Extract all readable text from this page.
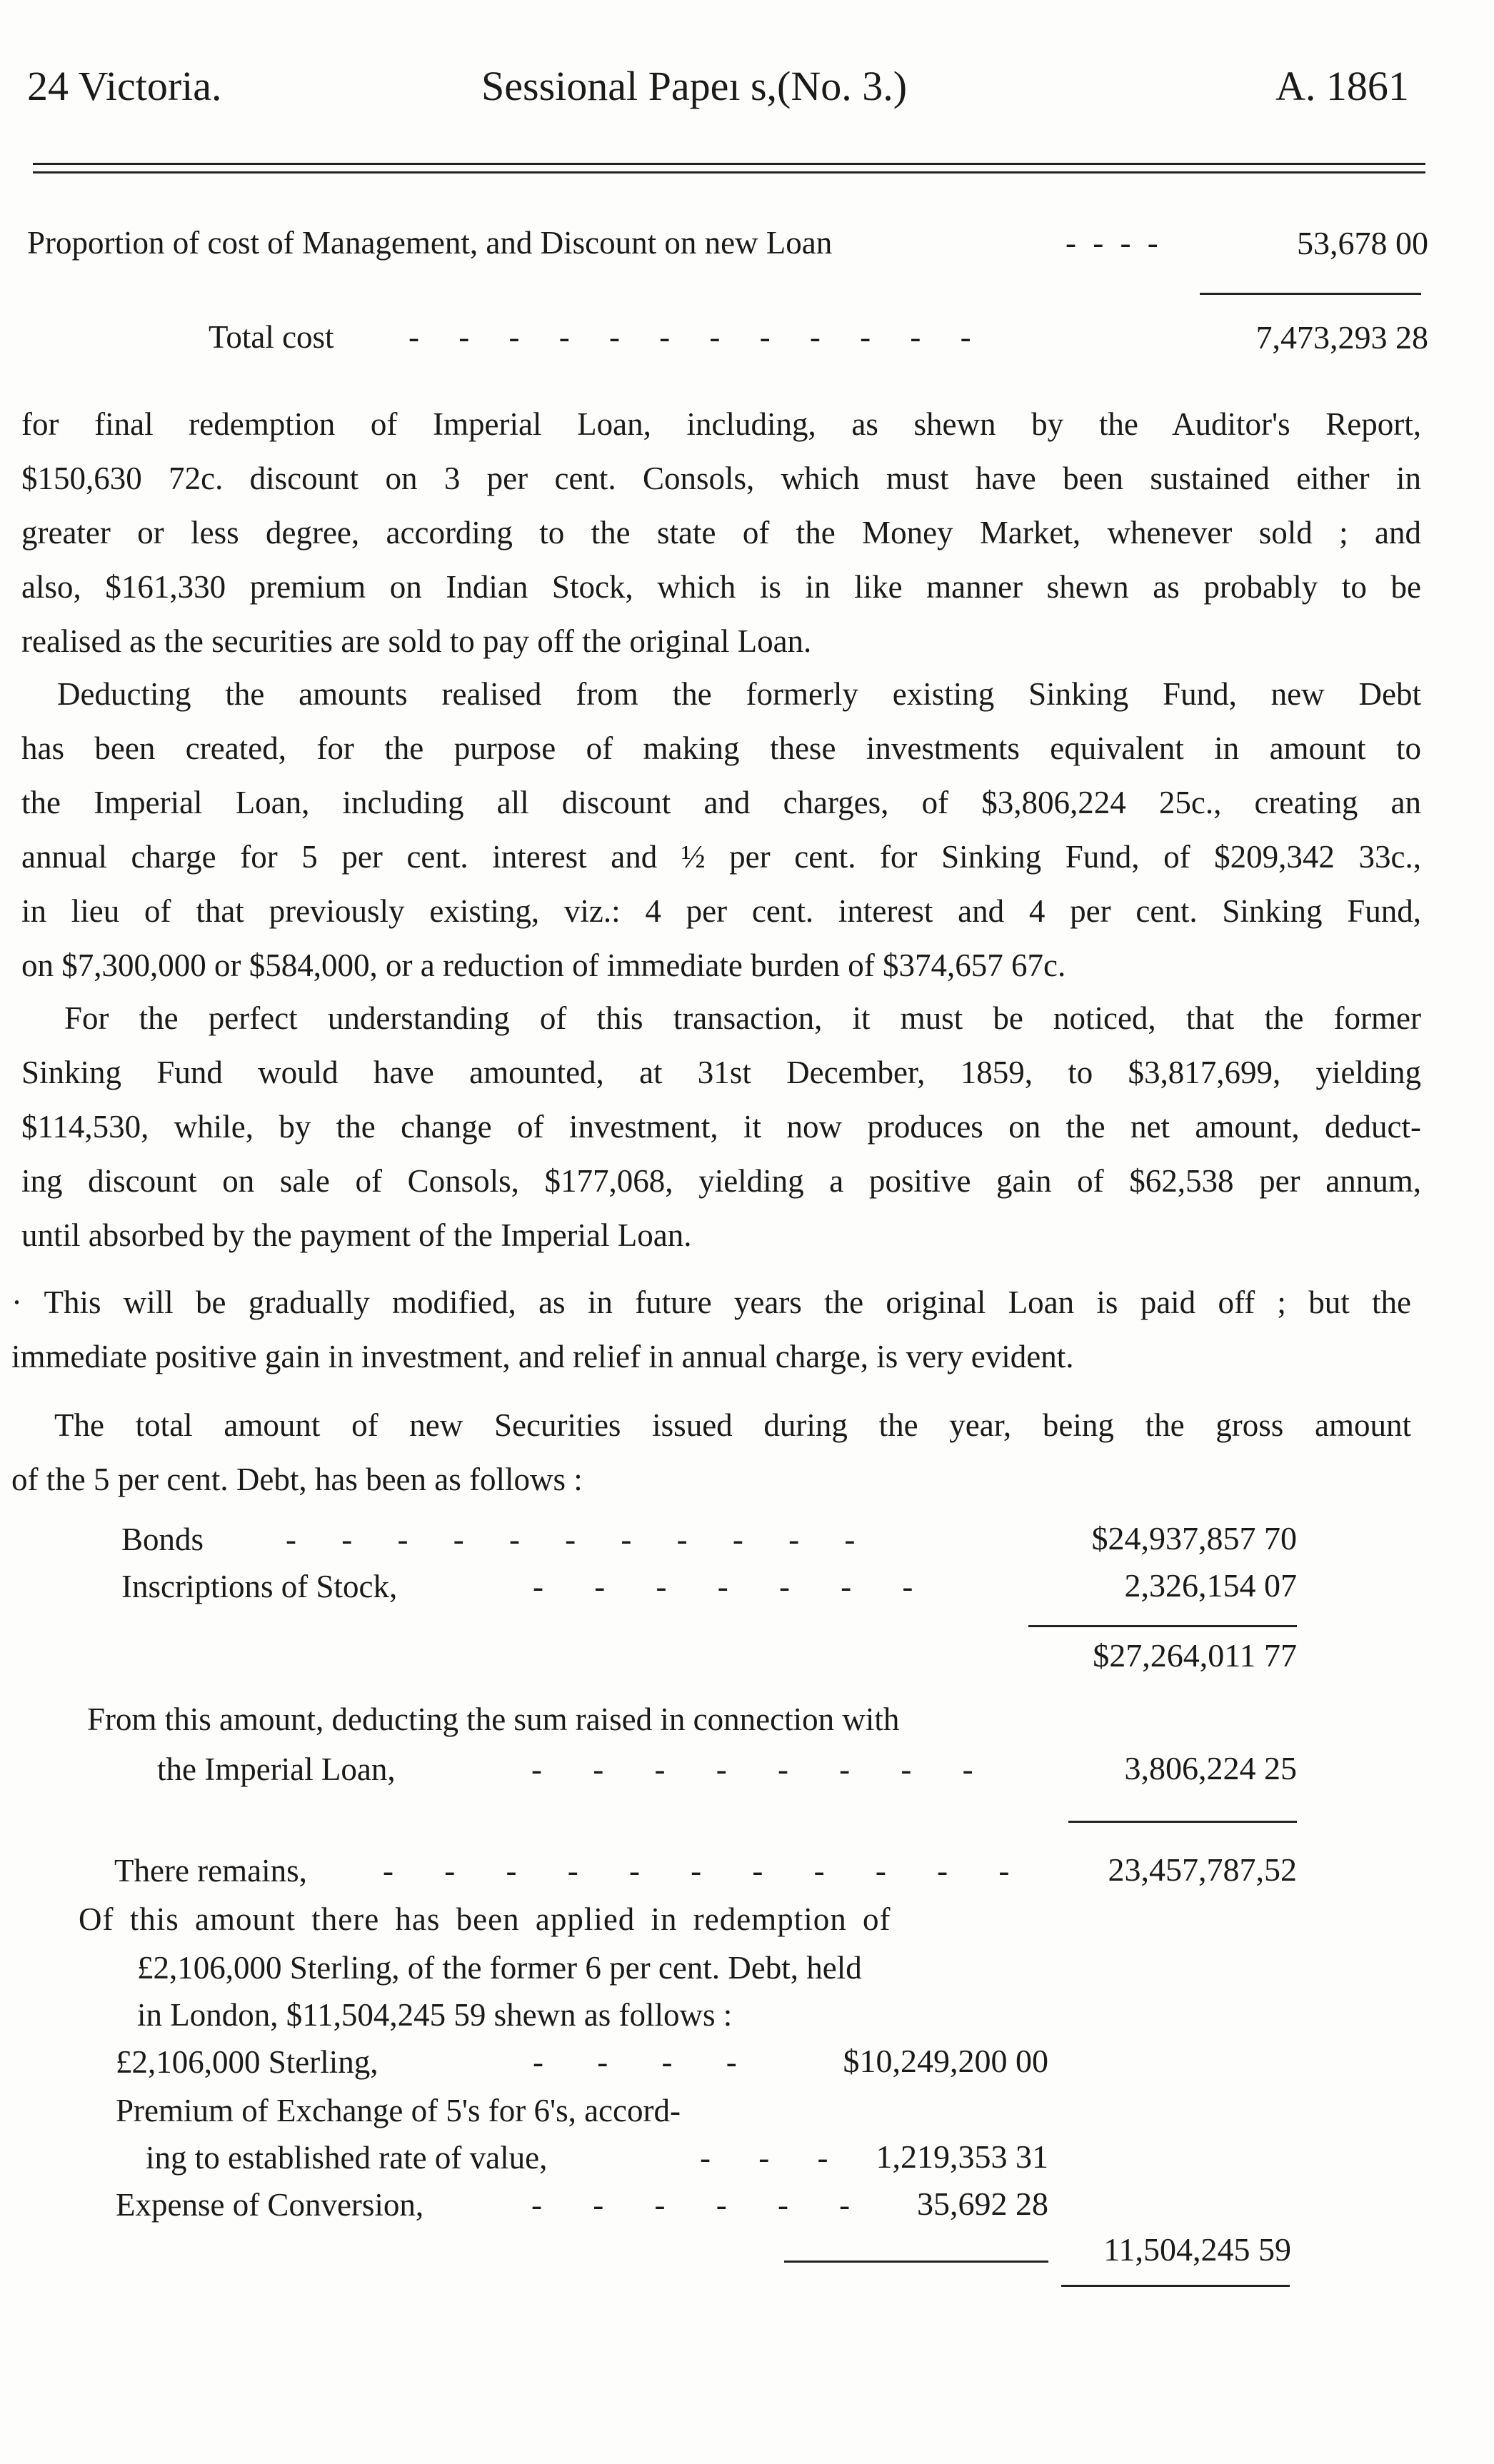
24 Victoria.	Sessional Papeı s,(No. 3.)	A. 1861
Proportion of cost of Management, and Discount on new Loan	- - - -	53,678 00
Total cost - - - - - - - - - - - -	7,473,293 28
for final redemption of Imperial Loan, including, as shewn by the Auditor's Report,
$150,630 72c. discount on 3 per cent. Consols, which must have been sustained either in
greater or less degree, according to the state of the Money Market, whenever sold ; and
also, $161,330 premium on Indian Stock, which is in like manner shewn as probably to be
realised as the securities are sold to pay off the original Loan.
Deducting the amounts realised from the formerly existing Sinking Fund, new Debt
has been created, for the purpose of making these investments equivalent in amount to
the Imperial Loan, including all discount and charges, of $3,806,224 25c., creating an
annual charge for 5 per cent. interest and ½ per cent. for Sinking Fund, of $209,342 33c.,
in lieu of that previously existing, viz.: 4 per cent. interest and 4 per cent. Sinking Fund,
on $7,300,000 or $584,000, or a reduction of immediate burden of $374,657 67c.
For the perfect understanding of this transaction, it must be noticed, that the former
Sinking Fund would have amounted, at 31st December, 1859, to $3,817,699, yielding
$114,530, while, by the change of investment, it now produces on the net amount, deduct-
ing discount on sale of Consols, $177,068, yielding a positive gain of $62,538 per annum,
until absorbed by the payment of the Imperial Loan.
· This will be gradually modified, as in future years the original Loan is paid off ; but the
immediate positive gain in investment, and relief in annual charge, is very evident.
The total amount of new Securities issued during the year, being the gross amount
of the 5 per cent. Debt, has been as follows :
Bonds	- - - - - - - - - - -	$24,937,857 70
Inscriptions of Stock,	- - - - - - -	2,326,154 07
$27,264,011 77
From this amount, deducting the sum raised in connection with
the Imperial Loan,	- - - - - - - -	3,806,224 25
There remains, - - - - - - - - - - - 23,457,787,52
Of this amount there has been applied in redemption of
£2,106,000 Sterling, of the former 6 per cent. Debt, held
in London, $11,504,245 59 shewn as follows :
£2,106,000 Sterling,	- - - -	$10,249,200 00
Premium of Exchange of 5's for 6's, accord-
ing to established rate of value,	- - - 1,219,353 31
Expense of Conversion,	- - - - - - 35,692 28
11,504,245 59
